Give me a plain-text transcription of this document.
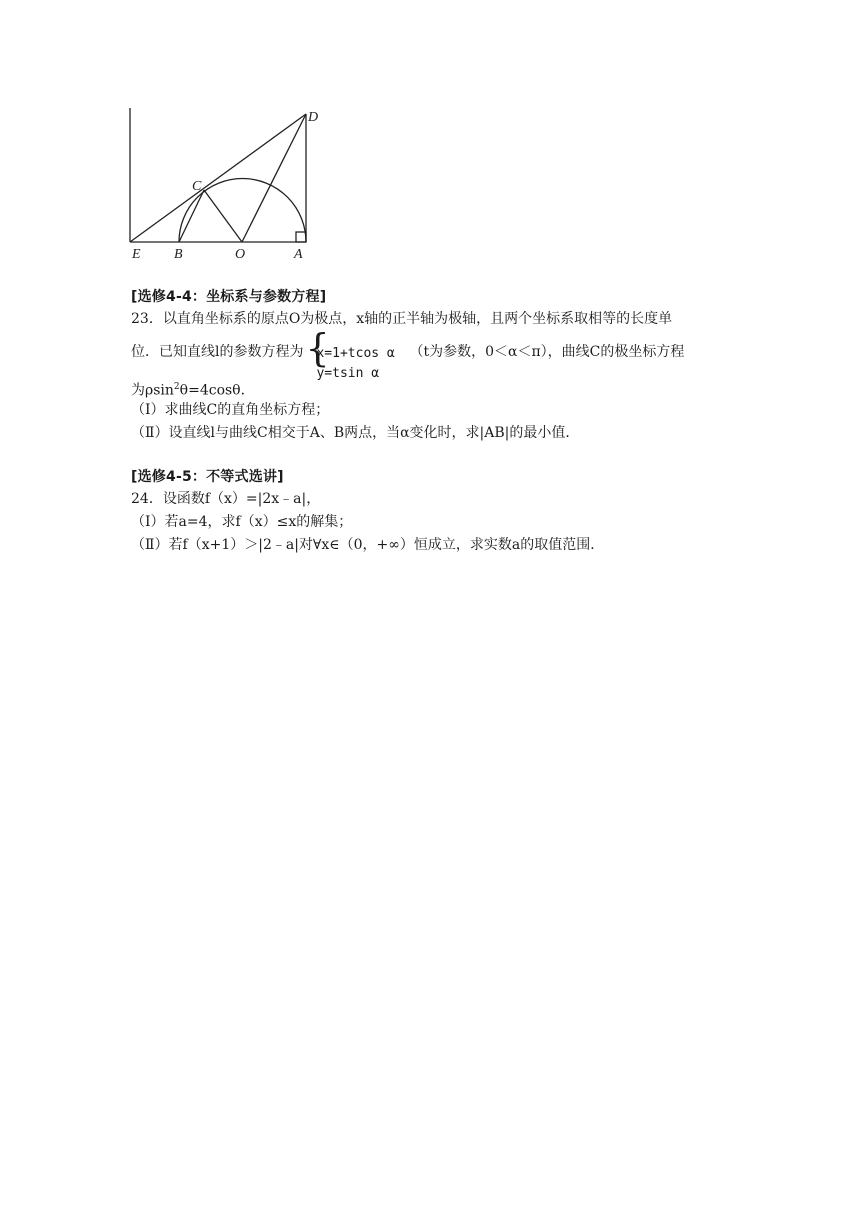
E B	O	A
C
D
[选修4-4：坐标系与参数方程]
23．以直角坐标系的原点O为极点，x轴的正半轴为极轴，且两个坐标系取相等的长度单
位．已知直线l的参数方程为 {
x=1+tcos α
y=tsin α
（t为参数，0＜α＜π），曲线C的极坐标方程
为ρsin$^2$θ=4cosθ．
（Ⅰ）求曲线C的直角坐标方程；
（Ⅱ）设直线l与曲线C相交于A、B两点，当α变化时，求|AB|的最小值．
[选修4-5：不等式选讲]
24．设函数f（x）=|2x﹣a|，
（Ⅰ）若a=4，求f（x）≤x的解集；
（Ⅱ）若f（x+1）＞|2﹣a|对∀x∈（0，+∞）恒成立，求实数a的取值范围．
